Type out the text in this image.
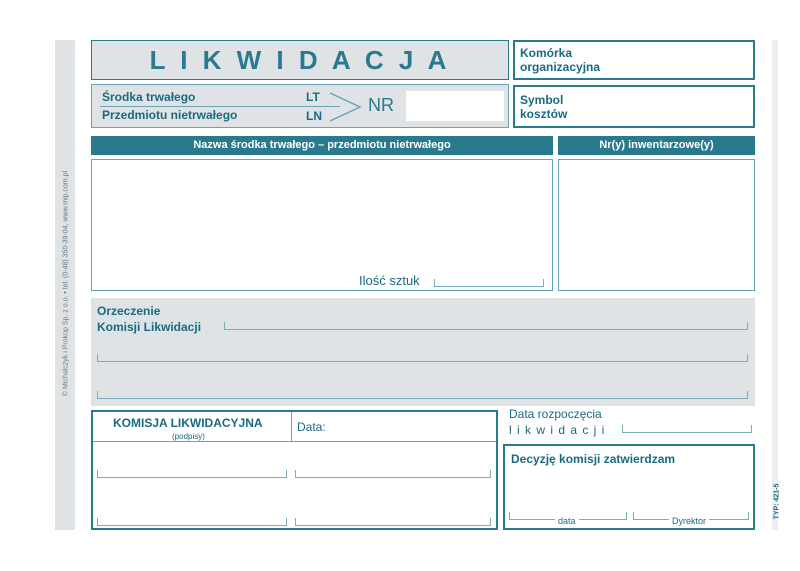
© Michalczyk i Prokop Sp. z o.o. • tel. (0-48) 350-39-04, www.mip.com.pl
L I K W I D A C J A
Środka trwałego
Przedmiotu nietrwałego
LT
LN
NR
Komórka organizacyjna
Symbol kosztów
Nazwa środka trwałego – przedmiotu nietrwałego	Nr(y) inwentarzowe(y)
Ilość sztuk
Orzeczenie
Komisji Likwidacji
KOMISJA LIKWIDACYJNA
(podpisy)
Data:
Data rozpoczęcia
l i k w i d a c j i
Decyzję komisji zatwierdzam
data	Dyrektor
TYP: 421-5
